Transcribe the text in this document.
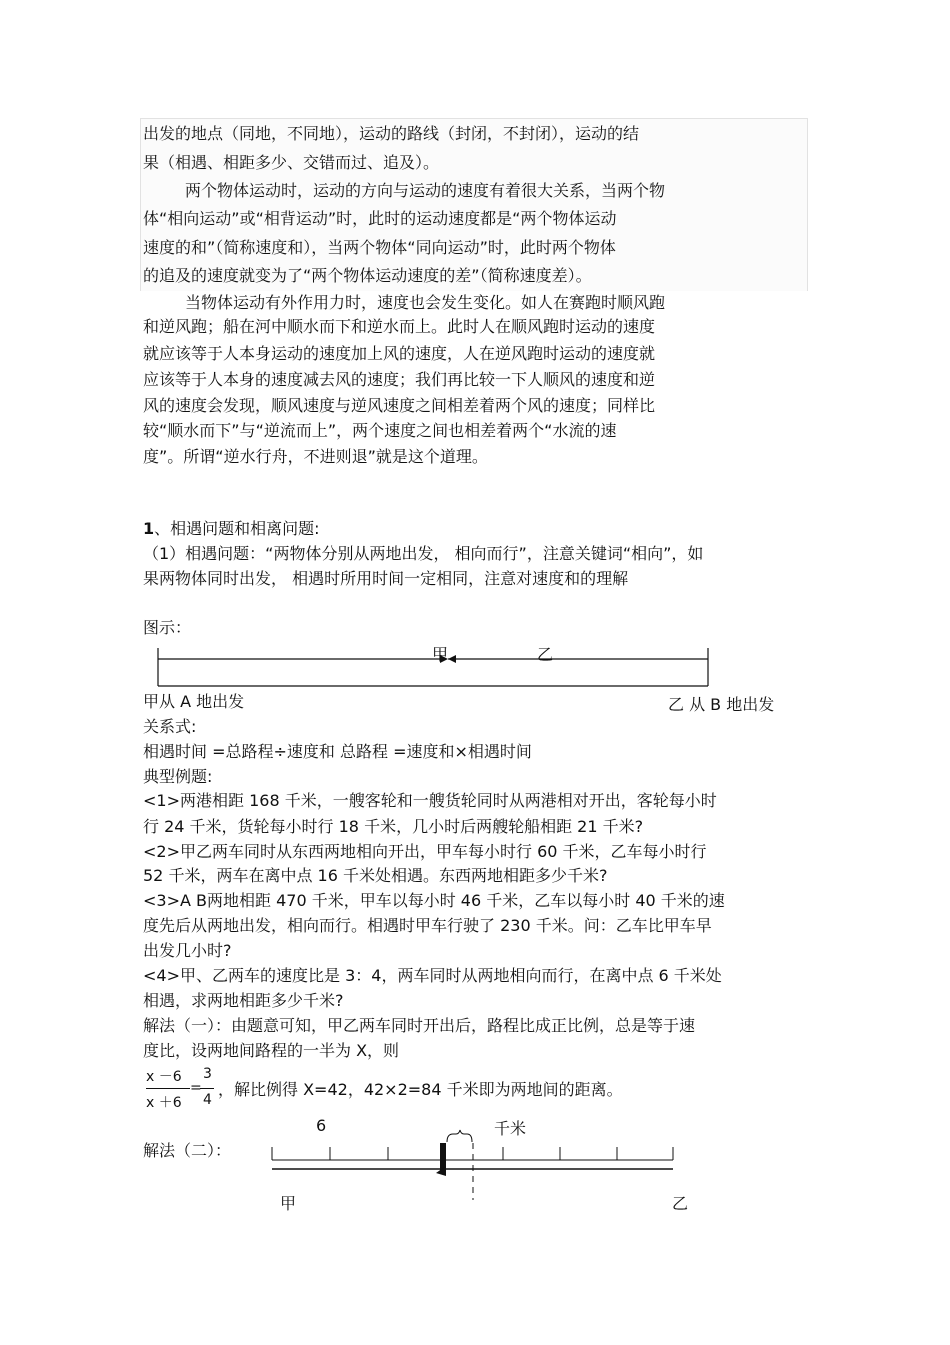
出发的地点（同地，不同地），运动的路线（封闭，不封闭），运动的结
果（相遇、相距多少、交错而过、追及）。
两个物体运动时，运动的方向与运动的速度有着很大关系，当两个物
体“相向运动”或“相背运动”时，此时的运动速度都是“两个物体运动
速度的和”（简称速度和），当两个物体“同向运动”时，此时两个物体
的追及的速度就变为了“两个物体运动速度的差”（简称速度差）。
当物体运动有外作用力时，速度也会发生变化。如人在赛跑时顺风跑
和逆风跑；船在河中顺水而下和逆水而上。此时人在顺风跑时运动的速度
就应该等于人本身运动的速度加上风的速度，人在逆风跑时运动的速度就
应该等于人本身的速度减去风的速度；我们再比较一下人顺风的速度和逆
风的速度会发现，顺风速度与逆风速度之间相差着两个风的速度；同样比
较“顺水而下”与“逆流而上”，两个速度之间也相差着两个“水流的速
度”。所谓“逆水行舟，不进则退”就是这个道理。
1、相遇问题和相离问题:
（1）相遇问题：“两物体分别从两地出发， 相向而行”，注意关键词“相向”，如
果两物体同时出发， 相遇时所用时间一定相同，注意对速度和的理解
图示：
甲	乙
甲从 A 地出发	乙 从 B 地出发
关系式:
相遇时间 =总路程÷速度和 总路程 =速度和×相遇时间
典型例题:
<1>两港相距 168 千米，一艘客轮和一艘货轮同时从两港相对开出，客轮每小时
行 24 千米，货轮每小时行 18 千米，几小时后两艘轮船相距 21 千米?
<2>甲乙两车同时从东西两地相向开出，甲车每小时行 60 千米，乙车每小时行
52 千米，两车在离中点 16 千米处相遇。东西两地相距多少千米?
<3>A B两地相距 470 千米，甲车以每小时 46 千米，乙车以每小时 40 千米的速
度先后从两地出发，相向而行。相遇时甲车行驶了 230 千米。问：乙车比甲车早
出发几小时?
<4>甲、乙两车的速度比是 3：4，两车同时从两地相向而行，在离中点 6 千米处
相遇，求两地相距多少千米?
解法（一）：由题意可知，甲乙两车同时开出后，路程比成正比例，总是等于速
度比，设两地间路程的一半为 X，则
x －6
x ＋6
=
3
4
，解比例得 X=42，42×2=84 千米即为两地间的距离。
6	千米
解法（二）：
甲	乙
